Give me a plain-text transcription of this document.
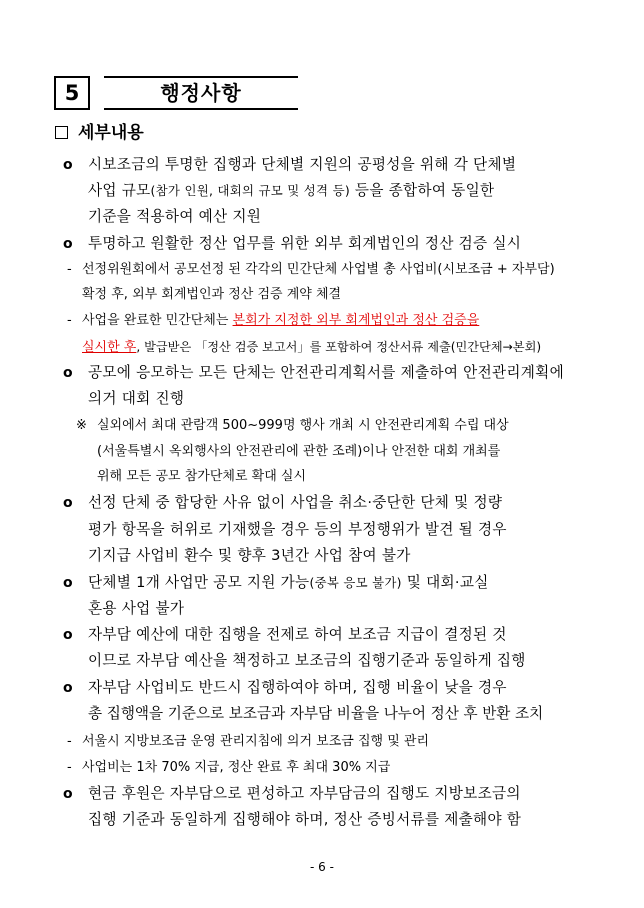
5	행정사항
세부내용
o 시보조금의 투명한 집행과 단체별 지원의 공평성을 위해 각 단체별
사업 규모(참가 인원, 대회의 규모 및 성격 등) 등을 종합하여 동일한
기준을 적용하여 예산 지원
o 투명하고 원활한 정산 업무를 위한 외부 회계법인의 정산 검증 실시
- 선정위원회에서 공모선정 된 각각의 민간단체 사업별 총 사업비(시보조금 + 자부담)
확정 후, 외부 회계법인과 정산 검증 계약 체결
- 사업을 완료한 민간단체는 본회가 지정한 외부 회계법인과 정산 검증을
실시한 후, 발급받은 「정산 검증 보고서」를 포함하여 정산서류 제출(민간단체→본회)
o 공모에 응모하는 모든 단체는 안전관리계획서를 제출하여 안전관리계획에
의거 대회 진행
※ 실외에서 최대 관람객 500~999명 행사 개최 시 안전관리계획 수립 대상
(서울특별시 옥외행사의 안전관리에 관한 조례)이나 안전한 대회 개최를
위해 모든 공모 참가단체로 확대 실시
o 선정 단체 중 합당한 사유 없이 사업을 취소·중단한 단체 및 정량
평가 항목을 허위로 기재했을 경우 등의 부정행위가 발견 될 경우
기지급 사업비 환수 및 향후 3년간 사업 참여 불가
o 단체별 1개 사업만 공모 지원 가능(중복 응모 불가) 및 대회·교실
혼용 사업 불가
o 자부담 예산에 대한 집행을 전제로 하여 보조금 지급이 결정된 것
이므로 자부담 예산을 책정하고 보조금의 집행기준과 동일하게 집행
o 자부담 사업비도 반드시 집행하여야 하며, 집행 비율이 낮을 경우
총 집행액을 기준으로 보조금과 자부담 비율을 나누어 정산 후 반환 조치
- 서울시 지방보조금 운영 관리지침에 의거 보조금 집행 및 관리
- 사업비는 1차 70% 지급, 정산 완료 후 최대 30% 지급
o 현금 후원은 자부담으로 편성하고 자부담금의 집행도 지방보조금의
집행 기준과 동일하게 집행해야 하며, 정산 증빙서류를 제출해야 함
- 6 -
